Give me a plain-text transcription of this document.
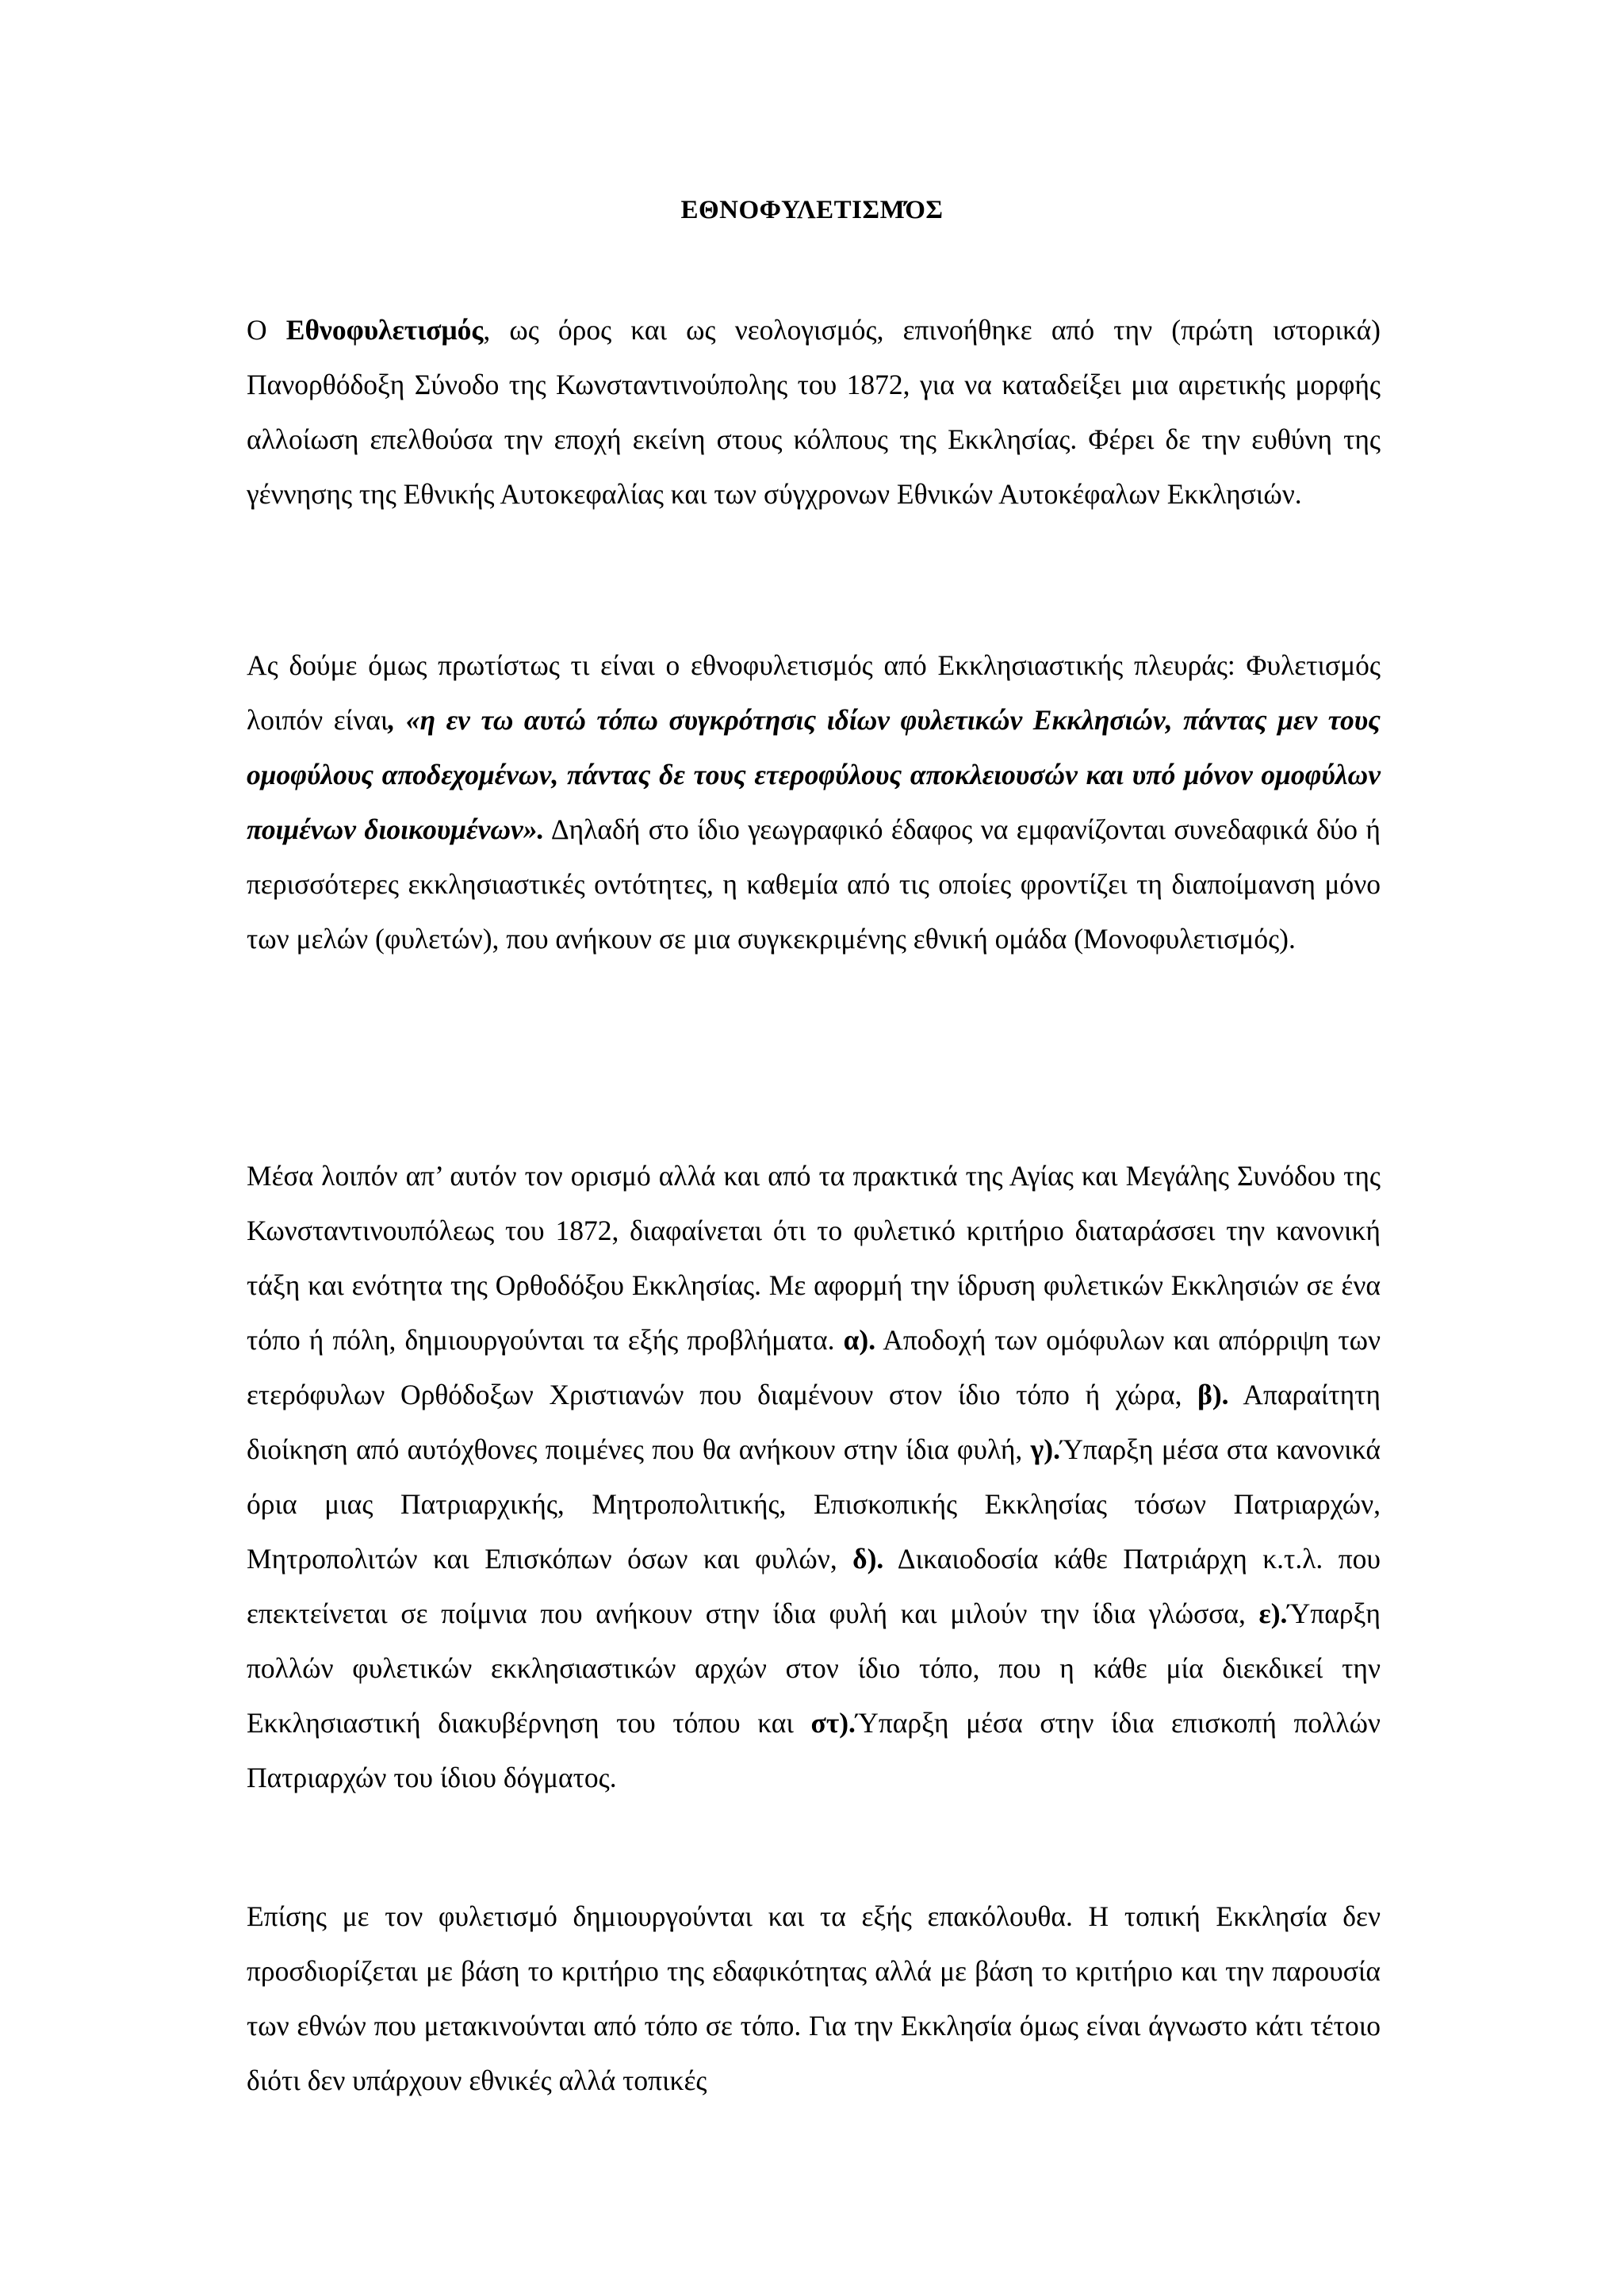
ΕΘΝΟΦΥΛΕΤΙΣΜΌΣ

Ο Εθνοφυλετισμός, ως όρος και ως νεολογισμός, επινοήθηκε από την (πρώτη ιστορικά) Πανορθόδοξη Σύνοδο της Κωνσταντινούπολης του 1872, για να καταδείξει μια αιρετικής μορφής αλλοίωση επελθούσα την εποχή εκείνη στους κόλπους της Εκκλησίας. Φέρει δε την ευθύνη της γέννησης της Εθνικής Αυτοκεφαλίας και των σύγχρονων Εθνικών Αυτοκέφαλων Εκκλησιών.

Ας δούμε όμως πρωτίστως τι είναι ο εθνοφυλετισμός από Εκκλησιαστικής πλευράς: Φυλετισμός λοιπόν είναι, «η εν τω αυτώ τόπω συγκρότησις ιδίων φυλετικών Εκκλησιών, πάντας μεν τους ομοφύλους αποδεχομένων, πάντας δε τους ετεροφύλους αποκλειουσών και υπό μόνον ομοφύλων ποιμένων διοικουμένων». Δηλαδή στο ίδιο γεωγραφικό έδαφος να εμφανίζονται συνεδαφικά δύο ή περισσότερες εκκλησιαστικές οντότητες, η καθεμία από τις οποίες φροντίζει τη διαποίμανση μόνο των μελών (φυλετών), που ανήκουν σε μια συγκεκριμένης εθνική ομάδα (Μονοφυλετισμός).

Μέσα λοιπόν απ’ αυτόν τον ορισμό αλλά και από τα πρακτικά της Αγίας και Μεγάλης Συνόδου της Κωνσταντινουπόλεως του 1872, διαφαίνεται ότι το φυλετικό κριτήριο διαταράσσει την κανονική τάξη και ενότητα της Ορθοδόξου Εκκλησίας. Με αφορμή την ίδρυση φυλετικών Εκκλησιών σε ένα τόπο ή πόλη, δημιουργούνται τα εξής προβλήματα. α). Αποδοχή των ομόφυλων και απόρριψη των ετερόφυλων Ορθόδοξων Χριστιανών που διαμένουν στον ίδιο τόπο ή χώρα, β). Απαραίτητη διοίκηση από αυτόχθονες ποιμένες που θα ανήκουν στην ίδια φυλή, γ).Ύπαρξη μέσα στα κανονικά όρια μιας Πατριαρχικής, Μητροπολιτικής, Επισκοπικής Εκκλησίας τόσων Πατριαρχών, Μητροπολιτών και Επισκόπων όσων και φυλών, δ). Δικαιοδοσία κάθε Πατριάρχη κ.τ.λ. που επεκτείνεται σε ποίμνια που ανήκουν στην ίδια φυλή και μιλούν την ίδια γλώσσα, ε).Ύπαρξη πολλών φυλετικών εκκλησιαστικών αρχών στον ίδιο τόπο, που η κάθε μία διεκδικεί την Εκκλησιαστική διακυβέρνηση του τόπου και στ).Ύπαρξη μέσα στην ίδια επισκοπή πολλών Πατριαρχών του ίδιου δόγματος.

Επίσης με τον φυλετισμό δημιουργούνται και τα εξής επακόλουθα. Η τοπική Εκκλησία δεν προσδιορίζεται με βάση το κριτήριο της εδαφικότητας αλλά με βάση το κριτήριο και την παρουσία των εθνών που μετακινούνται από τόπο σε τόπο. Για την Εκκλησία όμως είναι άγνωστο κάτι τέτοιο διότι δεν υπάρχουν εθνικές αλλά τοπικές
